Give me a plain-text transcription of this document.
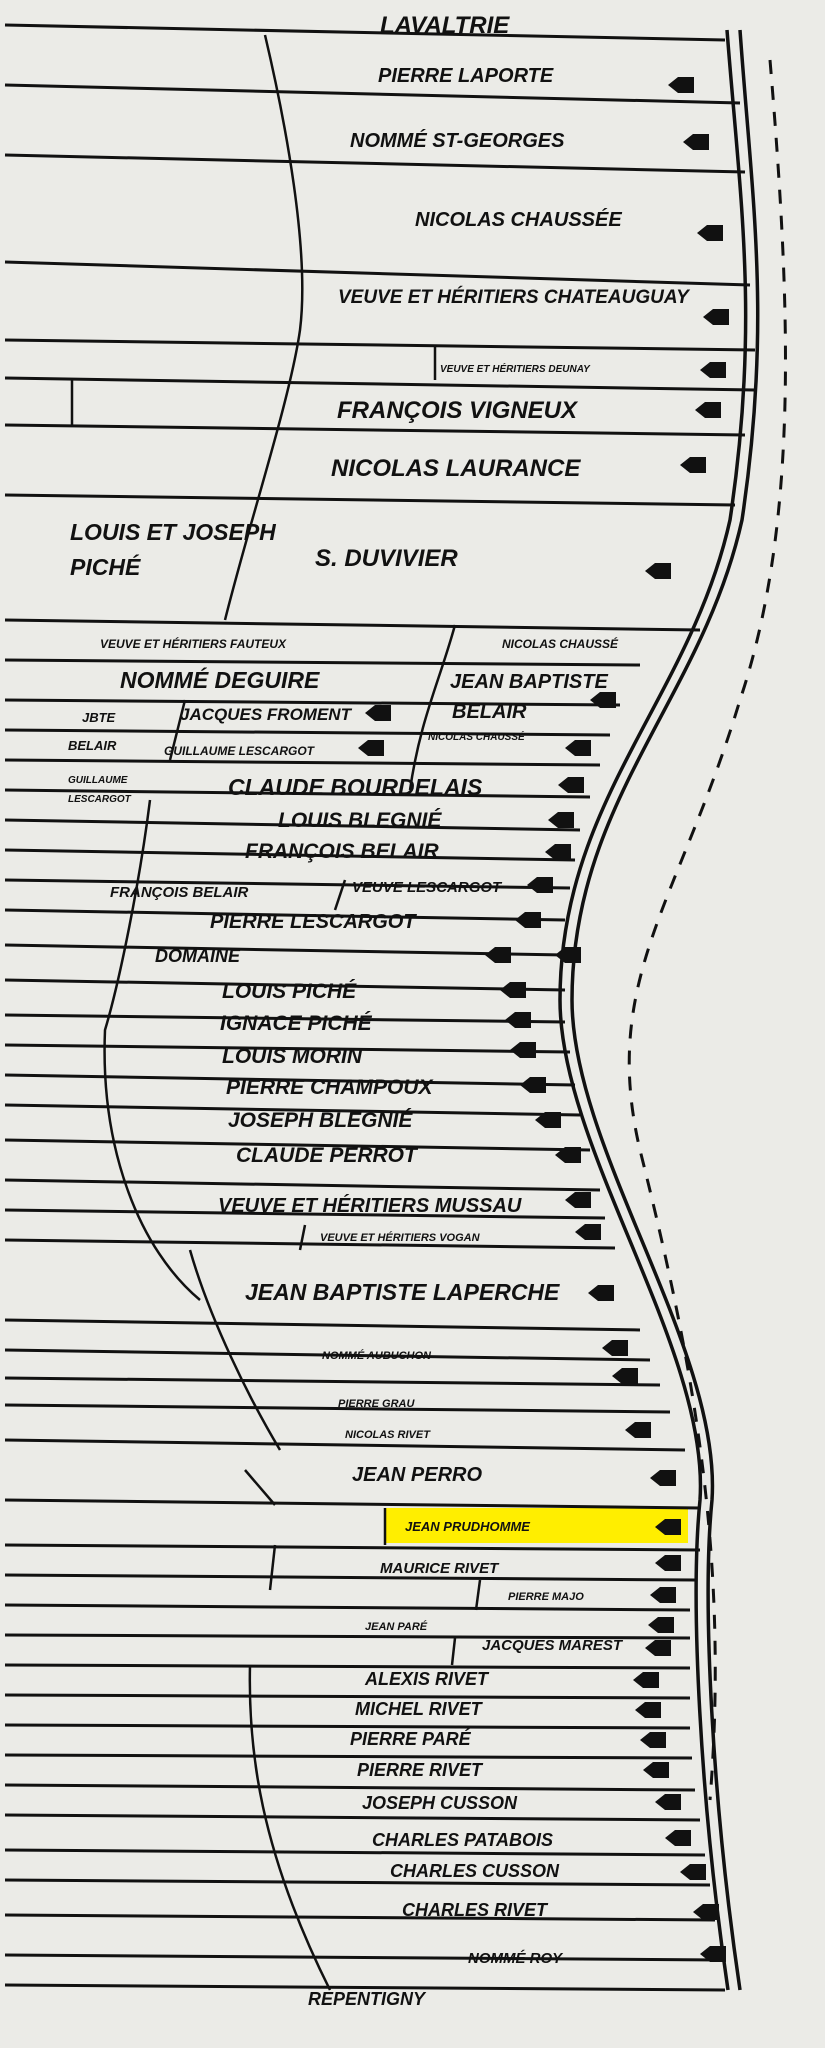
LAVALTRIE
REPENTIGNY
PIERRE LAPORTE
NOMMÉ ST-GEORGES
NICOLAS CHAUSSÉE
VEUVE ET HÉRITIERS CHATEAUGUAY
VEUVE ET HÉRITIERS DEUNAY
FRANÇOIS VIGNEUX
NICOLAS LAURANCE
LOUIS ET JOSEPH
PICHÉ	S. DUVIVIER
VEUVE ET HÉRITIERS FAUTEUX	NICOLAS CHAUSSÉ
NOMMÉ DEGUIRE	JEAN BAPTISTE
BELAIR
JBTE
BELAIR
JACQUES FROMENT
GUILLAUME LESCARGOT
NICOLAS CHAUSSÉ
GUILLAUME
LESCARGOT	CLAUDE BOURDELAIS
LOUIS BLEGNIÉ
FRANÇOIS BELAIR
FRANÇOIS BELAIR	VEUVE LESCARGOT
PIERRE LESCARGOT
DOMAINE
LOUIS PICHÉ
IGNACE PICHÉ
LOUIS MORIN
PIERRE CHAMPOUX
JOSEPH BLEGNIÉ
CLAUDE PERROT
VEUVE ET HÉRITIERS MUSSAU
VEUVE ET HÉRITIERS VOGAN
JEAN BAPTISTE LAPERCHE
NOMMÉ AUBUCHON
PIERRE GRAU
NICOLAS RIVET
JEAN PERRO
JEAN PRUDHOMME
MAURICE RIVET
PIERRE MAJO
JEAN PARÉ
JACQUES MAREST
ALEXIS RIVET
MICHEL RIVET
PIERRE PARÉ
PIERRE RIVET
JOSEPH CUSSON
CHARLES PATABOIS
CHARLES CUSSON
CHARLES RIVET
NOMMÉ ROY
